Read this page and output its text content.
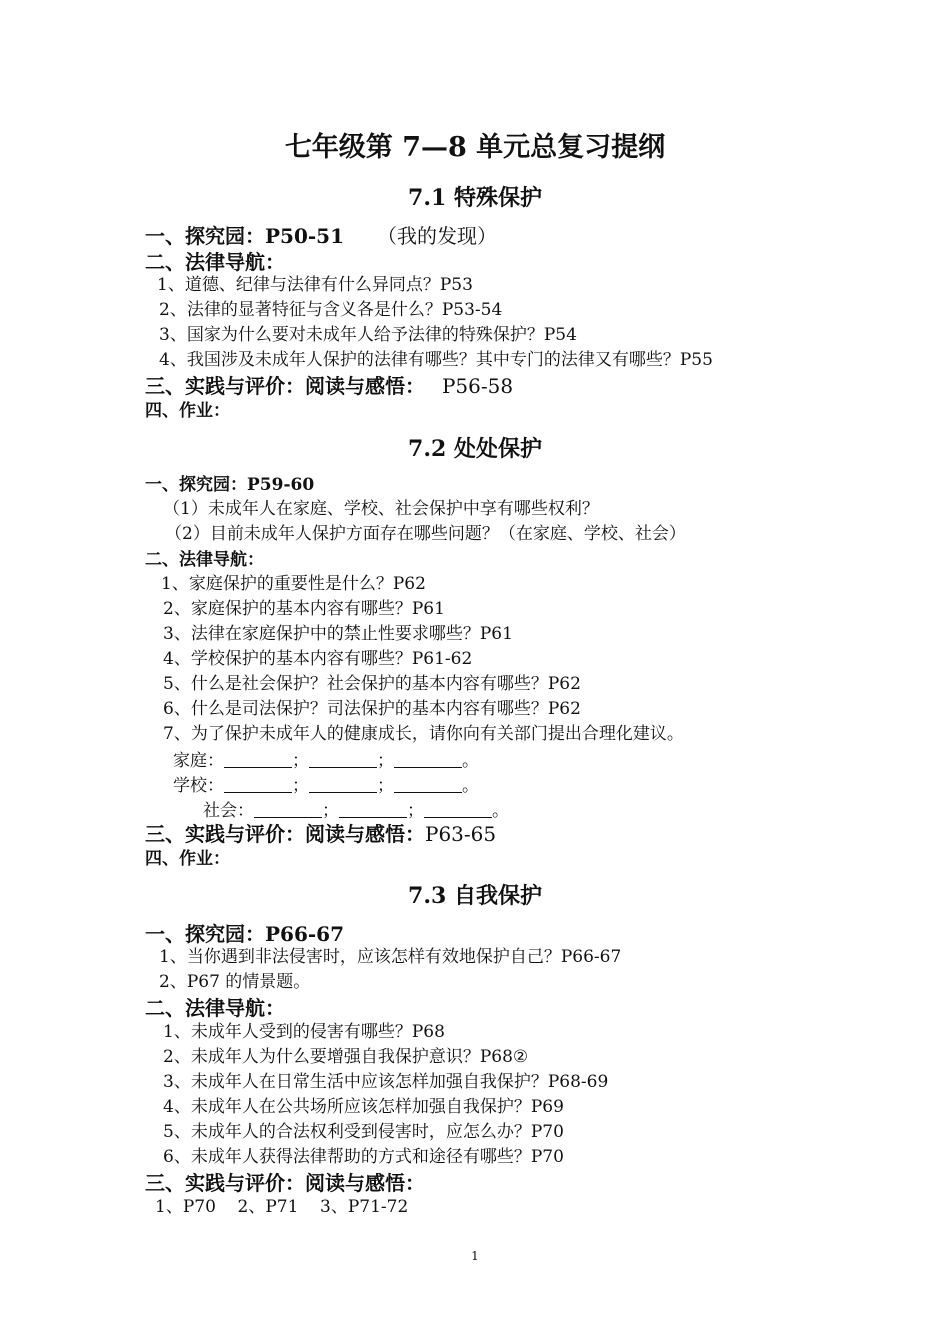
七年级第 7—8 单元总复习提纲
7.1 特殊保护
一、探究园：P50-51 （我的发现）
二、法律导航：
1、道德、纪律与法律有什么异同点？P53
2、法律的显著特征与含义各是什么？P53-54
3、国家为什么要对未成年人给予法律的特殊保护？P54
4、我国涉及未成年人保护的法律有哪些？其中专门的法律又有哪些？P55
三、实践与评价：阅读与感悟： P56-58
四、作业：
7.2 处处保护
一、探究园：P59-60
（1）未成年人在家庭、学校、社会保护中享有哪些权利？
（2）目前未成年人保护方面存在哪些问题？（在家庭、学校、社会）
二、法律导航：
1、家庭保护的重要性是什么？P62
2、家庭保护的基本内容有哪些？P61
3、法律在家庭保护中的禁止性要求哪些？P61
4、学校保护的基本内容有哪些？P61-62
5、什么是社会保护？社会保护的基本内容有哪些？P62
6、什么是司法保护？司法保护的基本内容有哪些？P62
7、为了保护未成年人的健康成长，请你向有关部门提出合理化建议。
家庭：	；	；	。
学校：	；	；	。
社会：	；	；	。
三、实践与评价：阅读与感悟：P63-65
四、作业：
7.3 自我保护
一、探究园：P66-67
1、当你遇到非法侵害时，应该怎样有效地保护自己？P66-67
2、P67 的情景题。
二、法律导航：
1、未成年人受到的侵害有哪些？P68
2、未成年人为什么要增强自我保护意识？P68②
3、未成年人在日常生活中应该怎样加强自我保护？P68-69
4、未成年人在公共场所应该怎样加强自我保护？P69
5、未成年人的合法权利受到侵害时，应怎么办？P70
6、未成年人获得法律帮助的方式和途径有哪些？P70
三、实践与评价：阅读与感悟：
1、P70    2、P71    3、P71-72
1
